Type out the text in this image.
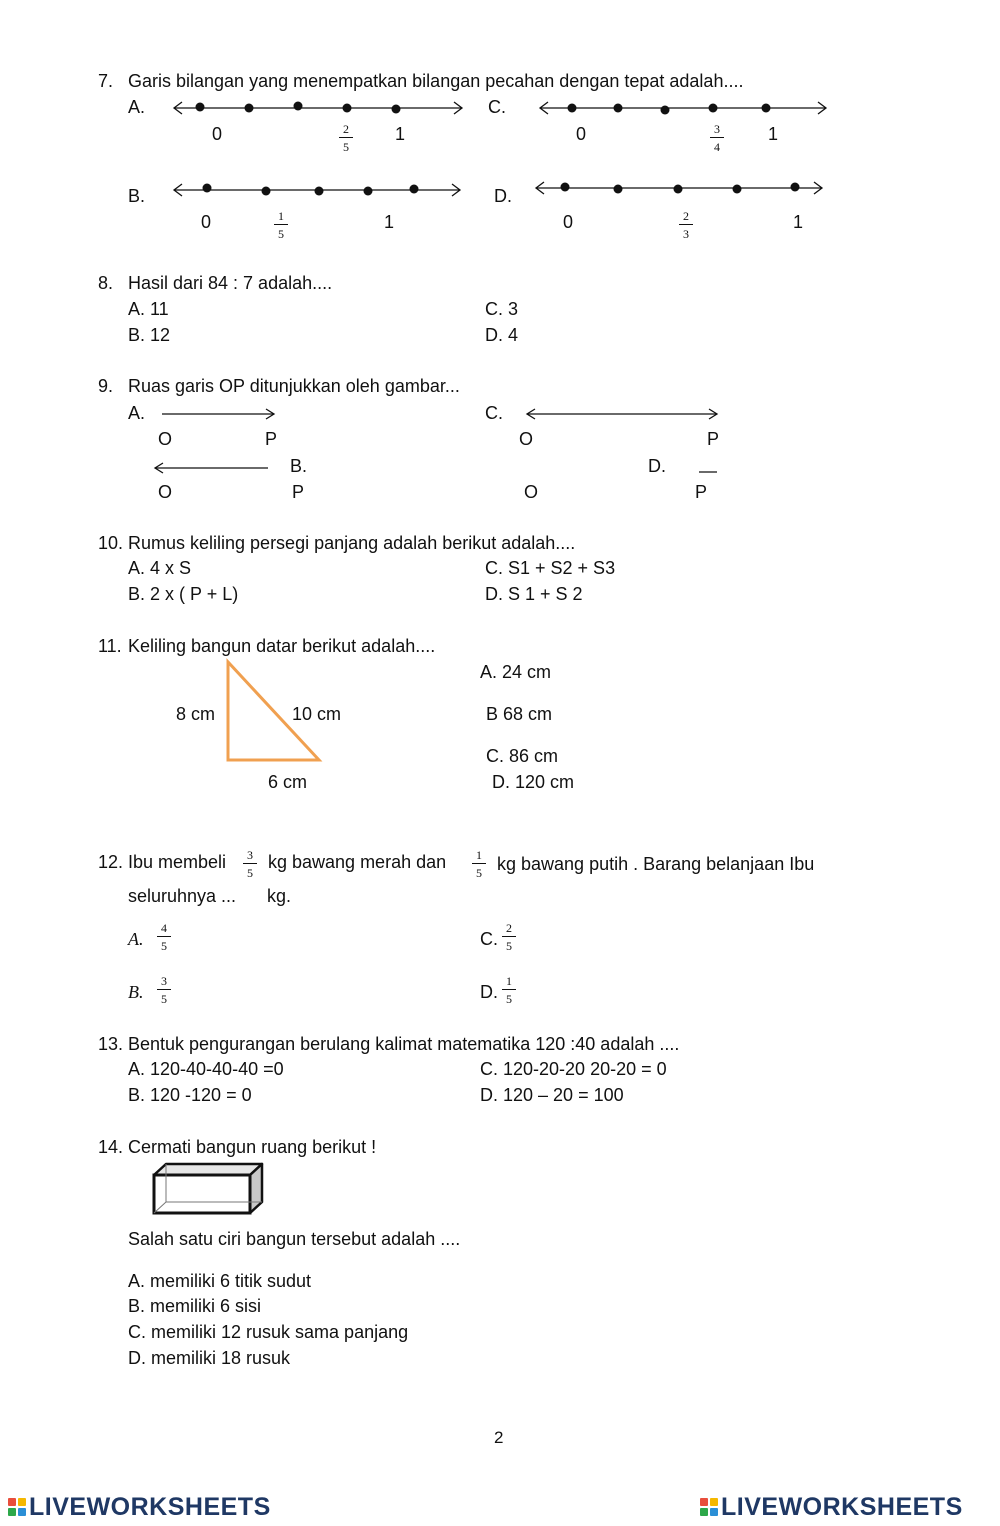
7. Garis bilangan yang menempatkan bilangan pecahan dengan tepat adalah....
A.
0	$\frac{2}{5} 1$
C.
0	$\frac{3}{4} 1$
B.
0	$\frac{1}{5}$	1
D.
0	$\frac{2}{3}$	1
8. Hasil dari 84 : 7 adalah....
A. 11
B. 12
C. 3
D. 4
9. Ruas garis OP ditunjukkan oleh gambar...
A.
O	P
C.
O	P
B.
O	P
D.
O	P
10. Rumus keliling persegi panjang adalah berikut adalah....
A. 4 x S
B. 2 x ( P + L)
C. S1 + S2 + S3
D. S 1 + S 2
11. Keliling bangun datar berikut adalah....
8 cm	10 cm
6 cm
A. 24 cm
B 68 cm
C. 86 cm
D. 120 cm
12. Ibu membeli $\frac{3}{5}$ kg bawang merah dan $\frac{1}{5}$ kg bawang putih . Barang belanjaan Ibu
seluruhnya ... kg.
A. $\frac{4}{5}$
B. $\frac{3}{5}$
C. $\frac{2}{5}$
D. $\frac{1}{5}$
13. Bentuk pengurangan berulang kalimat matematika 120 :40 adalah ....
A. 120-40-40-40 =0
B. 120 -120 = 0
C. 120-20-20 20-20 = 0
D. 120 – 20 = 100
14. Cermati bangun ruang berikut !
Salah satu ciri bangun tersebut adalah ....
A. memiliki 6 titik sudut
B. memiliki 6 sisi
C. memiliki 12 rusuk sama panjang
D. memiliki 18 rusuk
2
LIVEWORKSHEETS	LIVEWORKSHEETS
